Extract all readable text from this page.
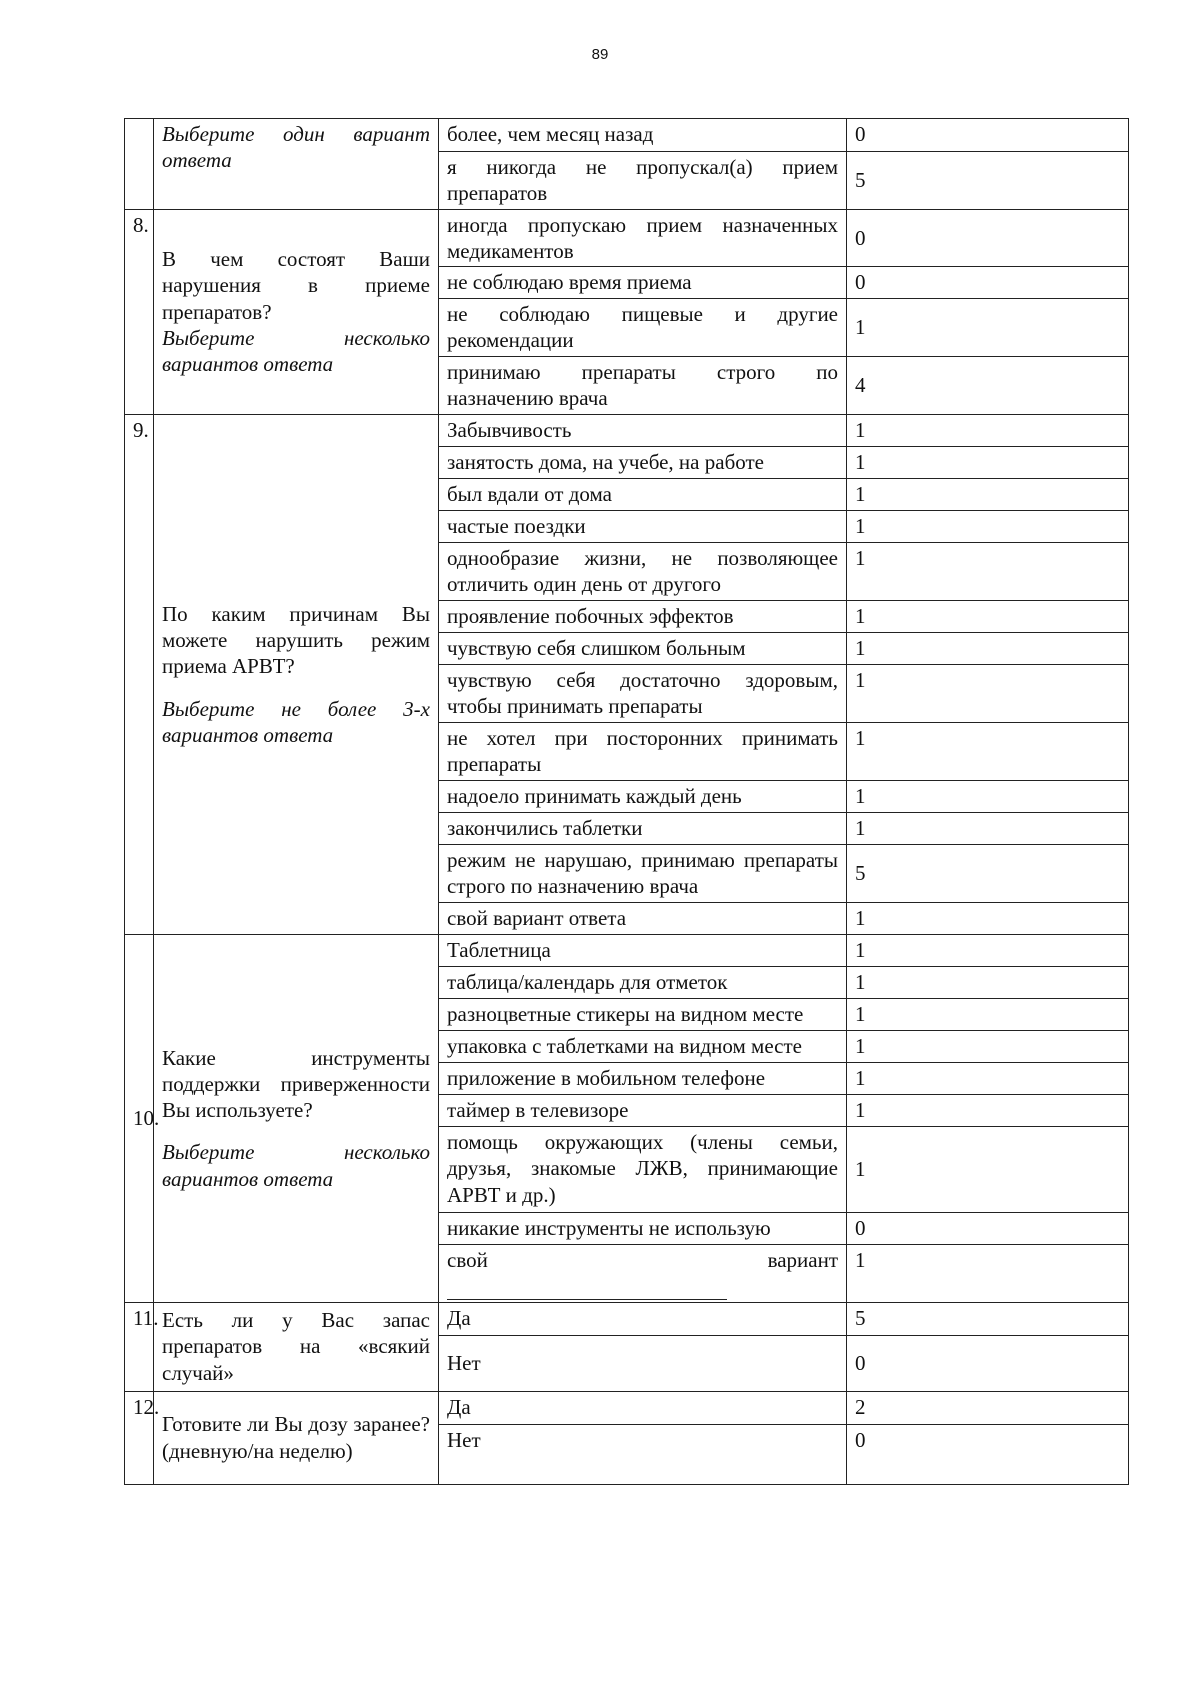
89

	Выберите один вариант ответа	более, чем месяц назад	0
		я никогда не пропускал(а) прием препаратов	5
8.	В чем состоят Ваши нарушения в приеме препаратов?
Выберите несколько вариантов ответа	иногда пропускаю прием назначенных медикаментов	0
		не соблюдаю время приема	0
		не соблюдаю пищевые и другие рекомендации	1
		принимаю препараты строго по назначению врача	4
9.	По каким причинам Вы можете нарушить режим приема АРВТ?
Выберите не более 3-х вариантов ответа	Забывчивость	1
		занятость дома, на учебе, на работе	1
		был вдали от дома	1
		частые поездки	1
		однообразие жизни, не позволяющее отличить один день от другого	1
		проявление побочных эффектов	1
		чувствую себя слишком больным	1
		чувствую себя достаточно здоровым, чтобы принимать препараты	1
		не хотел при посторонних принимать препараты	1
		надоело принимать каждый день	1
		закончились таблетки	1
		режим не нарушаю, принимаю препараты строго по назначению врача	5
		свой вариант ответа	1
10.	Какие инструменты поддержки приверженности Вы используете?
Выберите несколько вариантов ответа	Таблетница	1
		таблица/календарь для отметок	1
		разноцветные стикеры на видном месте	1
		упаковка с таблетками на видном месте	1
		приложение в мобильном телефоне	1
		таймер в телевизоре	1
		помощь окружающих (члены семьи, друзья, знакомые ЛЖВ, принимающие АРВТ и др.)	1
		никакие инструменты не использую	0
		свой вариант	1
11.	Есть ли у Вас запас препаратов на «всякий случай»	Да	5
		Нет	0
12.	Готовите ли Вы дозу заранее? (дневную/на неделю)	Да	2
		Нет	0
